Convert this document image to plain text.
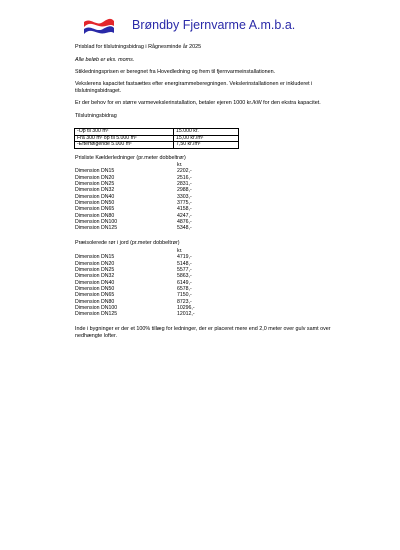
Brøndby Fjernvarme A.m.b.a.
Prisblad for tilslutningsbidrag i Rågnesminde år 2025
Alle beløb er eks. moms.
Stikledningsprisen er beregnet fra Hovedledning og frem til fjernvarmeinstallationen.
Vekslerens kapacitet fastsættes efter energirammeberegningen. Vekslerinstallationen er inkluderet i tilslutningsbidraget.
Er der behov for en større varmevekslerinstallation, betaler ejeren 1000 kr./kW for den ekstra kapacitet.
Tilslutningsbidrag
-Op til 300 m²	15.000 kr.
Fra 300 m² op til 5.000 m²	15,00 kr./m²
-Efterfølgende 5.000 m²	7,50 kr./m²
Prisliste Kælderledninger (pr.meter dobbeltrør)
kr.
Dimension DN15	2202,-
Dimension DN20	2516,-
Dimension DN25	2831,-
Dimension DN32	2988,-
Dimension DN40	3303,-
Dimension DN50	3775,-
Dimension DN65	4158,-
Dimension DN80	4247,-
Dimension DN100	4876,-
Dimension DN125	5348,-
Præisolerede rør i jord (pr.meter dobbeltrør)
kr.
Dimension DN15	4719,-
Dimension DN20	5148,-
Dimension DN25	5577,-
Dimension DN32	5863,-
Dimension DN40	6149,-
Dimension DN50	6578,-
Dimension DN65	7150,-
Dimension DN80	8723,-
Dimension DN100	10296,-
Dimension DN125	12012,-
Inde i bygninger er der et 100% tillæg for ledninger, der er placeret mere end 2,0 meter over gulv samt over nedhængte lofter.
